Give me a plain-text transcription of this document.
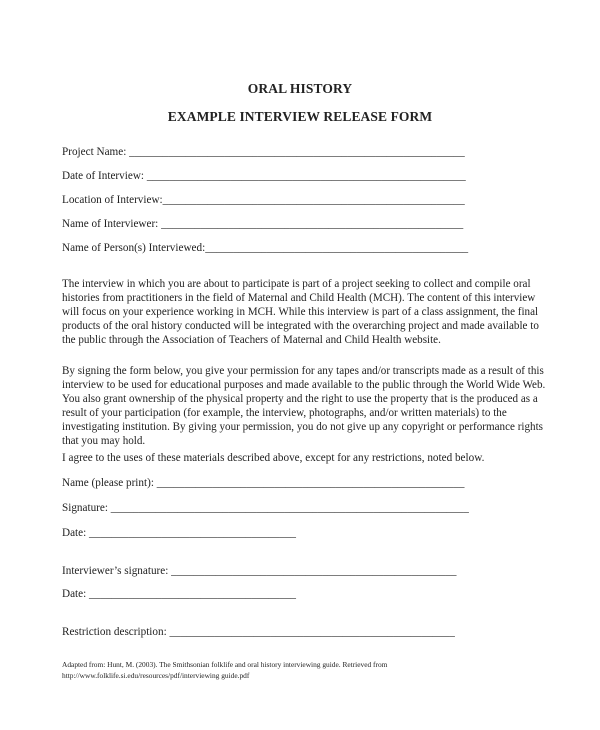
ORAL HISTORY
EXAMPLE INTERVIEW RELEASE FORM
Project Name: ____________________________________________________________
Date of Interview: _________________________________________________________
Location of Interview:______________________________________________________
Name of Interviewer: ______________________________________________________
Name of Person(s) Interviewed:_______________________________________________
The interview in which you are about to participate is part of a project seeking to collect and compile oral histories from practitioners in the field of Maternal and Child Health (MCH). The content of this interview will focus on your experience working in MCH. While this interview is part of a class assignment, the final products of the oral history conducted will be integrated with the overarching project and made available to the public through the Association of Teachers of Maternal and Child Health website.
By signing the form below, you give your permission for any tapes and/or transcripts made as a result of this interview to be used for educational purposes and made available to the public through the World Wide Web. You also grant ownership of the physical property and the right to use the property that is the produced as a result of your participation (for example, the interview, photographs, and/or written materials) to the investigating institution. By giving your permission, you do not give up any copyright or performance rights that you may hold.
I agree to the uses of these materials described above, except for any restrictions, noted below.
Name (please print): _______________________________________________________
Signature: ________________________________________________________________
Date: _____________________________________
Interviewer’s signature: ___________________________________________________
Date: _____________________________________
Restriction description: ___________________________________________________
Adapted from: Hunt, M. (2003). The Smithsonian folklife and oral history interviewing guide. Retrieved from
http://www.folklife.si.edu/resources/pdf/interviewing guide.pdf
